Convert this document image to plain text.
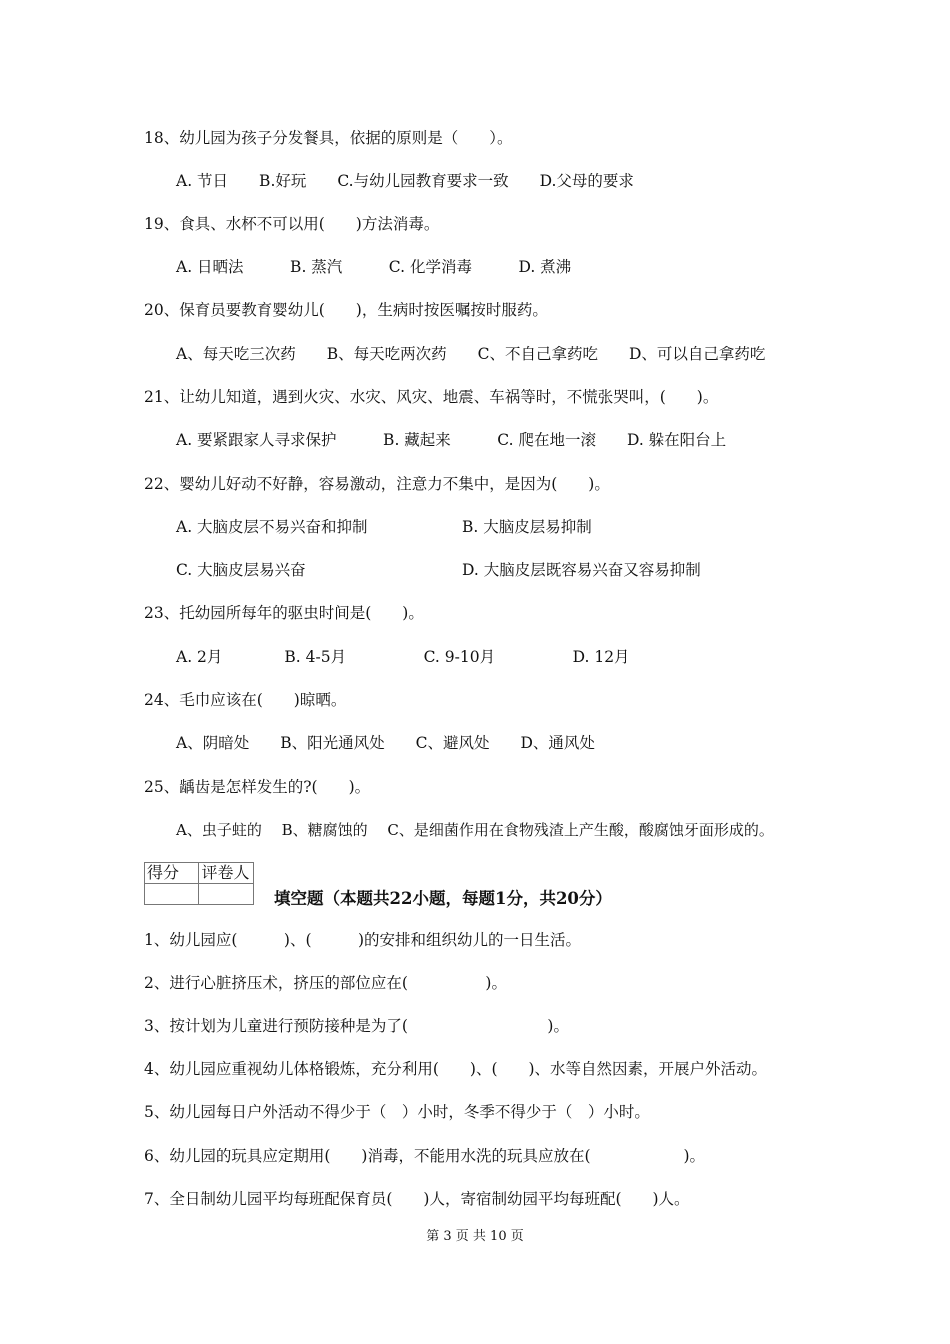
18、幼儿园为孩子分发餐具，依据的原则是（　　）。
A. 节日　　B.好玩　　C.与幼儿园教育要求一致　　D.父母的要求
19、食具、水杯不可以用(　　)方法消毒。
A. 日晒法　　　B. 蒸汽　　　C. 化学消毒　　　D. 煮沸
20、保育员要教育婴幼儿(　　)，生病时按医嘱按时服药。
A、每天吃三次药　　B、每天吃两次药　　C、不自己拿药吃　　D、可以自己拿药吃
21、让幼儿知道，遇到火灾、水灾、风灾、地震、车祸等时，不慌张哭叫，(　　)。
A. 要紧跟家人寻求保护　　　B. 藏起来　　　C. 爬在地一滚　　D. 躲在阳台上
22、婴幼儿好动不好静，容易激动，注意力不集中，是因为(　　)。
A. 大脑皮层不易兴奋和抑制	B. 大脑皮层易抑制
C. 大脑皮层易兴奋	D. 大脑皮层既容易兴奋又容易抑制
23、托幼园所每年的驱虫时间是(　　)。
A. 2月　　　　B. 4-5月　　　　　C. 9-10月　　　　　D. 12月
24、毛巾应该在(　　)晾晒。
A、阴暗处　　B、阳光通风处　　C、避风处　　D、通风处
25、龋齿是怎样发生的?(　　)。
A、虫子蛀的　 B、糖腐蚀的　 C、是细菌作用在食物残渣上产生酸，酸腐蚀牙面形成的。
得分	评卷人

填空题（本题共22小题，每题1分，共20分）
1、幼儿园应(　　　)、(　　　)的安排和组织幼儿的一日生活。
2、进行心脏挤压术，挤压的部位应在(　　　　　)。
3、按计划为儿童进行预防接种是为了(　　　　　　　　　)。
4、幼儿园应重视幼儿体格锻炼，充分利用(　　)、(　　)、水等自然因素，开展户外活动。
5、幼儿园每日户外活动不得少于（　）小时，冬季不得少于（　）小时。
6、幼儿园的玩具应定期用(　　)消毒，不能用水洗的玩具应放在(　　　　　　)。
7、全日制幼儿园平均每班配保育员(　　)人，寄宿制幼园平均每班配(　　)人。
第 3 页 共 10 页
